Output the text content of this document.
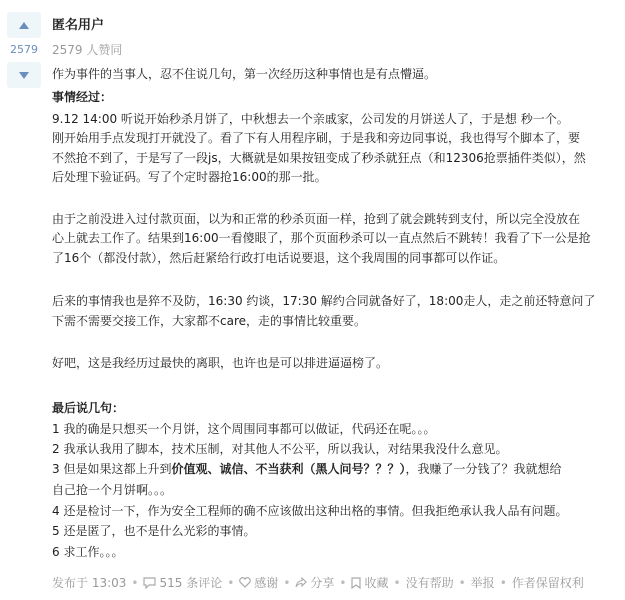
2579
匿名用户
2579 人赞同
作为事件的当事人，忍不住说几句，第一次经历这种事情也是有点懵逼。
事情经过：
9.12 14:00 听说开始秒杀月饼了，中秋想去一个亲戚家，公司发的月饼送人了，于是想 秒一个。
刚开始用手点发现打开就没了。看了下有人用程序刷，于是我和旁边同事说，我也得写个脚本了，要
不然抢不到了，于是写了一段js，大概就是如果按钮变成了秒杀就狂点（和12306抢票插件类似），然
后处理下验证码。写了个定时器抢16:00的那一批。
由于之前没进入过付款页面，以为和正常的秒杀页面一样，抢到了就会跳转到支付，所以完全没放在
心上就去工作了。结果到16:00一看傻眼了，那个页面秒杀可以一直点然后不跳转！我看了下一公是抢
了16个（都没付款），然后赶紧给行政打电话说要退，这个我周围的同事都可以作证。
后来的事情我也是猝不及防，16:30 约谈，17:30 解约合同就备好了，18:00走人，走之前还特意问了
下需不需要交接工作，大家都不care，走的事情比较重要。
好吧，这是我经历过最快的离职，也许也是可以排进逼逼榜了。
最后说几句：
1 我的确是只想买一个月饼，这个周围同事都可以做证，代码还在呢。。。
2 我承认我用了脚本，技术压制，对其他人不公平，所以我认，对结果我没什么意见。
3 但是如果这都上升到价值观、诚信、不当获利（黑人问号？？？），我赚了一分钱了？我就想给
自己抢一个月饼啊。。。
4 还是检讨一下，作为安全工程师的确不应该做出这种出格的事情。但我拒绝承认我人品有问题。
5 还是匿了，也不是什么光彩的事情。
6 求工作。。。
发布于 13:03 • 515 条评论 • 感谢 • 分享 • 收藏 • 没有帮助 • 举报 • 作者保留权利
